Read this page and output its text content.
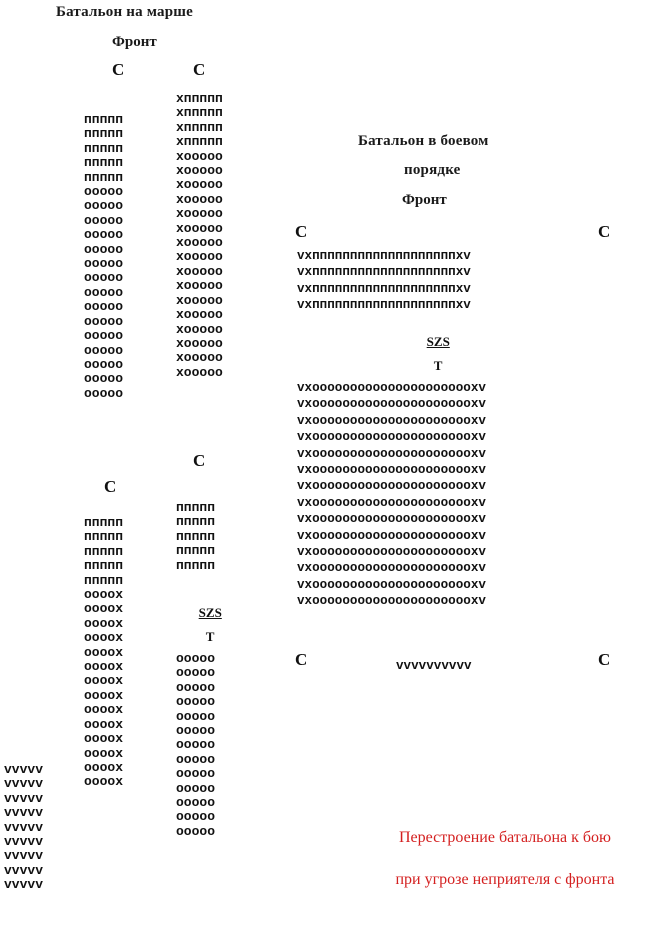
Батальон на марше
Фронт
C	C
ппппп
ппппп
ппппп
ппппп
ппппп
ооооо
ооооо
ооооо
ооооо
ооооо
ооооо
ооооо
ооооо
ооооо
ооооо
ооооо
ооооо
ооооо
ооооо
ооооо
хппппп
хппппп
хппппп
хппппп
хооооо
хооооо
хооооо
хооооо
хооооо
хооооо
хооооо
хооооо
хооооо
хооооо
хооооо
хооооо
хооооо
хооооо
хооооо
хооооо
C
C
ппппп
ппппп
ппппп
ппппп
ппппп
ооооx
ооооx
ооооx
ооооx
ооооx
ооооx
ооооx
ооооx
ооооx
ооооx
ооооx
ооооx
ооооx
ооооx
ппппп
ппппп
ппппп
ппппп
ппппп

SZS

T

ооооо
ооооо
ооооо
ооооо
ооооо
ооооо
ооооо
ооооо
ооооо
ооооо
ооооо
ооооо
ооооо
vvvvv
vvvvv
vvvvv
vvvvv
vvvvv
vvvvv
vvvvv
vvvvv
vvvvv
Батальон в боевом
порядке
Фронт
C	C
vxпппппппппппппппппппхv
vxпппппппппппппппппппхv
vxпппппппппппппппппппхv
vxпппппппппппппппппппхv

SZS

T

vxооооооооооооооооооооохv
vxооооооооооооооооооооохv
vxооооооооооооооооооооохv
vxооооооооооооооооооооохv
vxооооооооооооооооооооохv
vxооооооооооооооооооооохv
vxооооооооооооооооооооохv
vxооооооооооооооооооооохv
vxооооооооооооооооооооохv
vxооооооооооооооооооооохv
vxооооооооооооооооооооохv
vxооооооооооооооооооооохv
vxооооооооооооооооооооохv
vxооооооооооооооооооооохv
C	C
vvvvvvvvvv

Перестроение батальона к бою

при угрозе неприятеля с фронта
